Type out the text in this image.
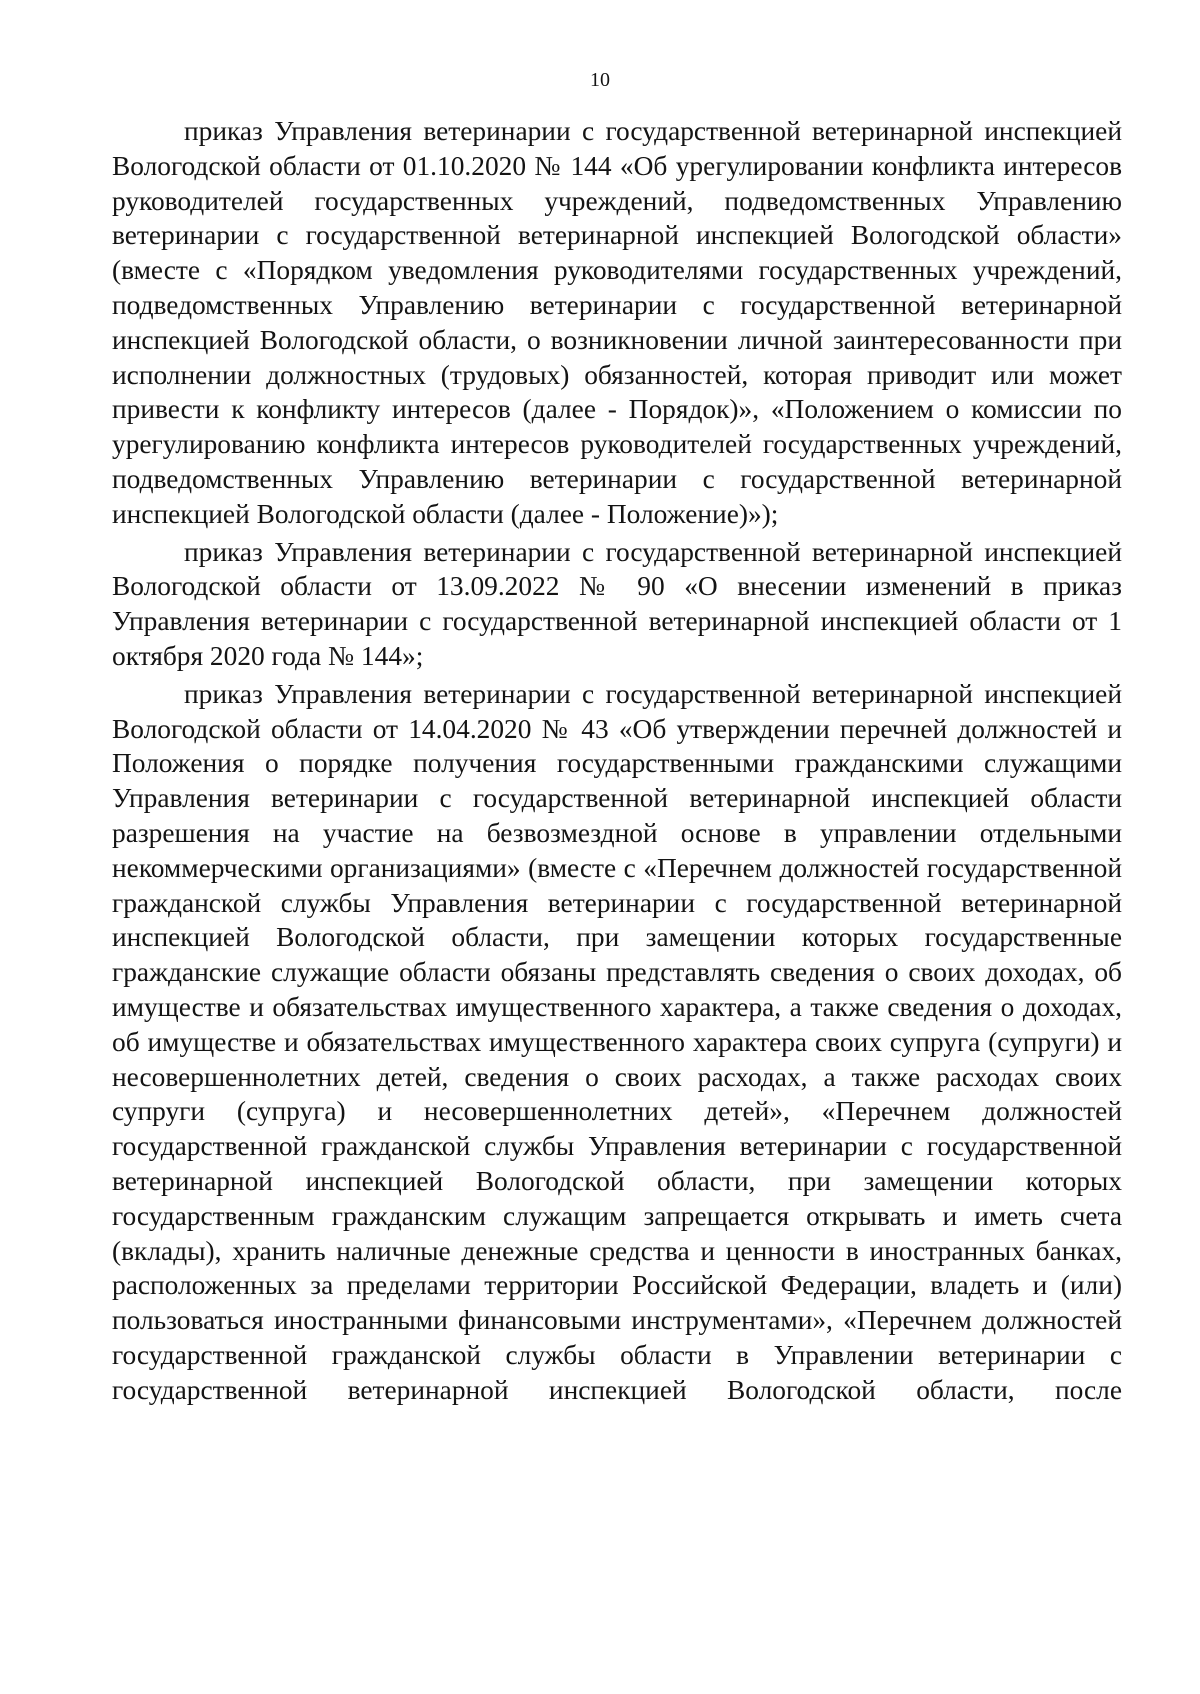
10

приказ Управления ветеринарии с государственной ветеринарной инспекцией Вологодской области от 01.10.2020 № 144 «Об урегулировании конфликта интересов руководителей государственных учреждений, подведомственных Управлению ветеринарии с государственной ветеринарной инспекцией Вологодской области» (вместе с «Порядком уведомления руководителями государственных учреждений, подведомственных Управлению ветеринарии с государственной ветеринарной инспекцией Вологодской области, о возникновении личной заинтересованности при исполнении должностных (трудовых) обязанностей, которая приводит или может привести к конфликту интересов (далее - Порядок)», «Положением о комиссии по урегулированию конфликта интересов руководителей государственных учреждений, подведомственных Управлению ветеринарии с государственной ветеринарной инспекцией Вологодской области (далее - Положение)»);

приказ Управления ветеринарии с государственной ветеринарной инспекцией Вологодской области от 13.09.2022 № 90 «О внесении изменений в приказ Управления ветеринарии с государственной ветеринарной инспекцией области от 1 октября 2020 года № 144»;

приказ Управления ветеринарии с государственной ветеринарной инспекцией Вологодской области от 14.04.2020 № 43 «Об утверждении перечней должностей и Положения о порядке получения государственными гражданскими служащими Управления ветеринарии с государственной ветеринарной инспекцией области разрешения на участие на безвозмездной основе в управлении отдельными некоммерческими организациями» (вместе с «Перечнем должностей государственной гражданской службы Управления ветеринарии с государственной ветеринарной инспекцией Вологодской области, при замещении которых государственные гражданские служащие области обязаны представлять сведения о своих доходах, об имуществе и обязательствах имущественного характера, а также сведения о доходах, об имуществе и обязательствах имущественного характера своих супруга (супруги) и несовершеннолетних детей, сведения о своих расходах, а также расходах своих супруги (супруга) и несовершеннолетних детей», «Перечнем должностей государственной гражданской службы Управления ветеринарии с государственной ветеринарной инспекцией Вологодской области, при замещении которых государственным гражданским служащим запрещается открывать и иметь счета (вклады), хранить наличные денежные средства и ценности в иностранных банках, расположенных за пределами территории Российской Федерации, владеть и (или) пользоваться иностранными финансовыми инструментами», «Перечнем должностей государственной гражданской службы области в Управлении ветеринарии с государственной ветеринарной инспекцией Вологодской области, после
